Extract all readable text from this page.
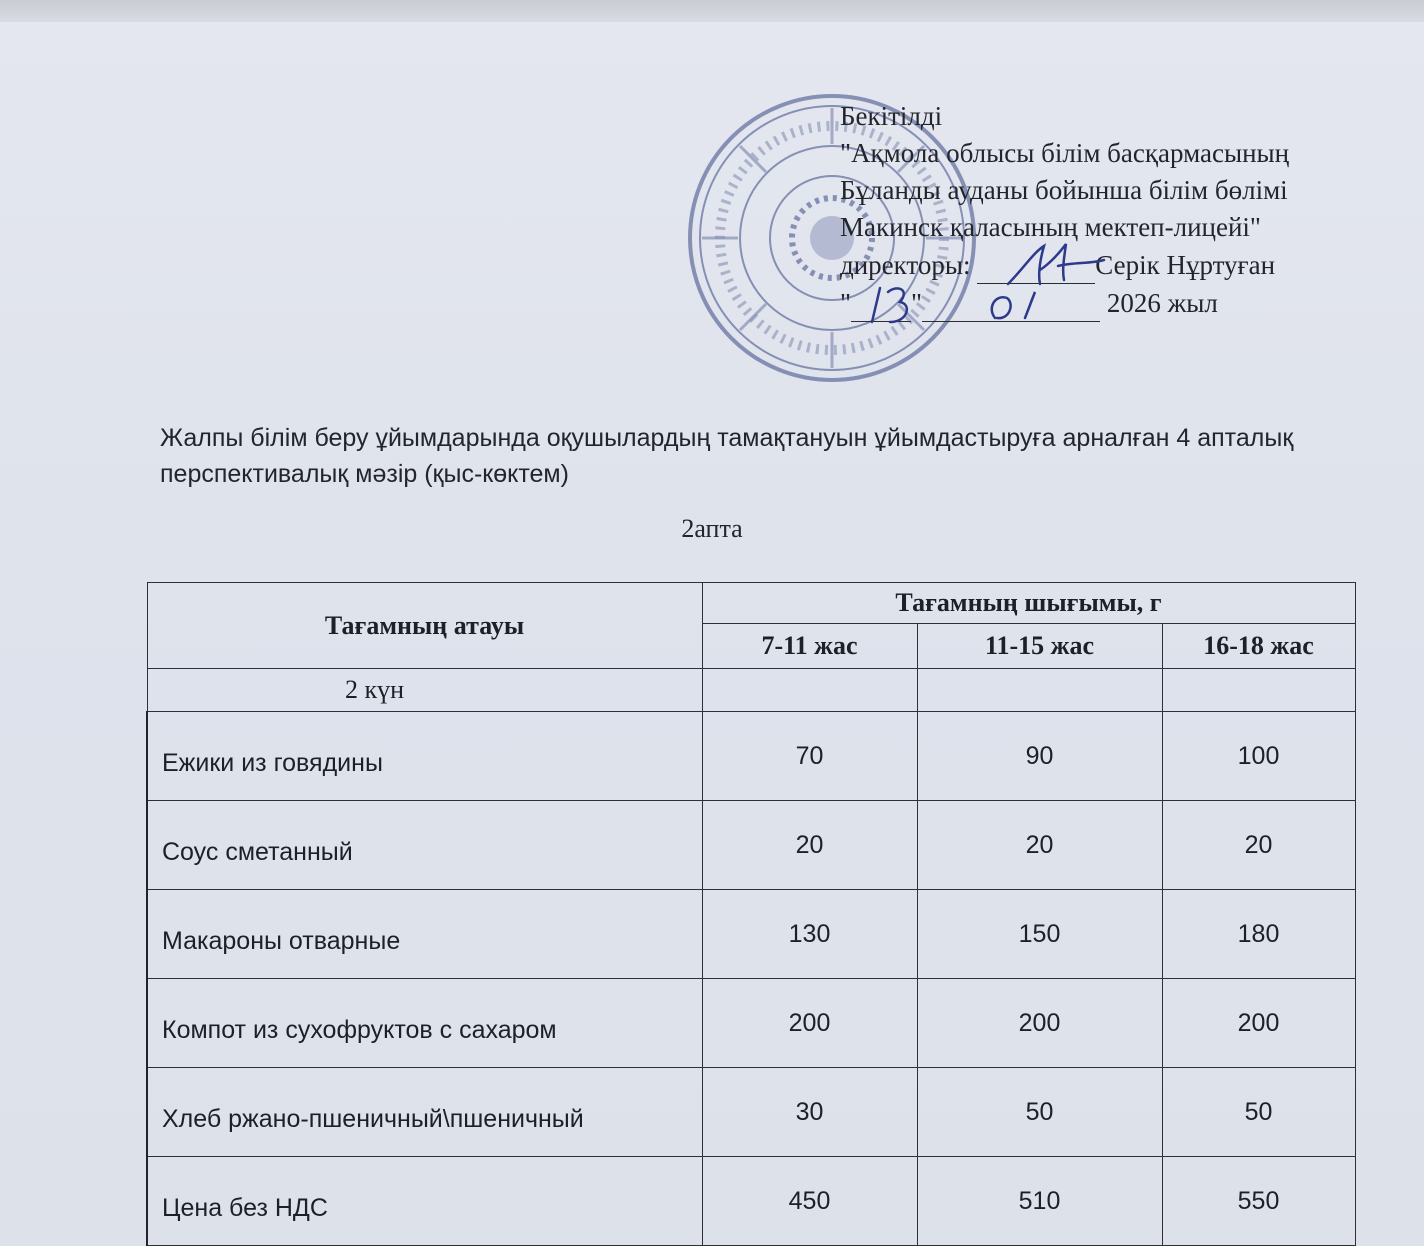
Бекітілді
"Ақмола облысы білім басқармасының
Бұланды ауданы бойынша білім бөлімі
Макинск қаласының мектеп-лицейі"
директоры:	Серік Нұртуған
" "	2026 жыл
Жалпы білім беру ұйымдарында оқушылардың тамақтануын ұйымдастыруға арналған 4 апталық перспективалық мәзір (қыс-көктем)
2апта
Тағамның атауы	Тағамның шығымы, г		
	7-11 жас	11-15 жас	16-18 жас
2 күн			
Ежики из говядины	70	90	100
Соус сметанный	20	20	20
Макароны отварные	130	150	180
Компот из сухофруктов с сахаром	200	200	200
Хлеб ржано-пшеничный\пшеничный	30	50	50
Цена без НДС	450	510	550
